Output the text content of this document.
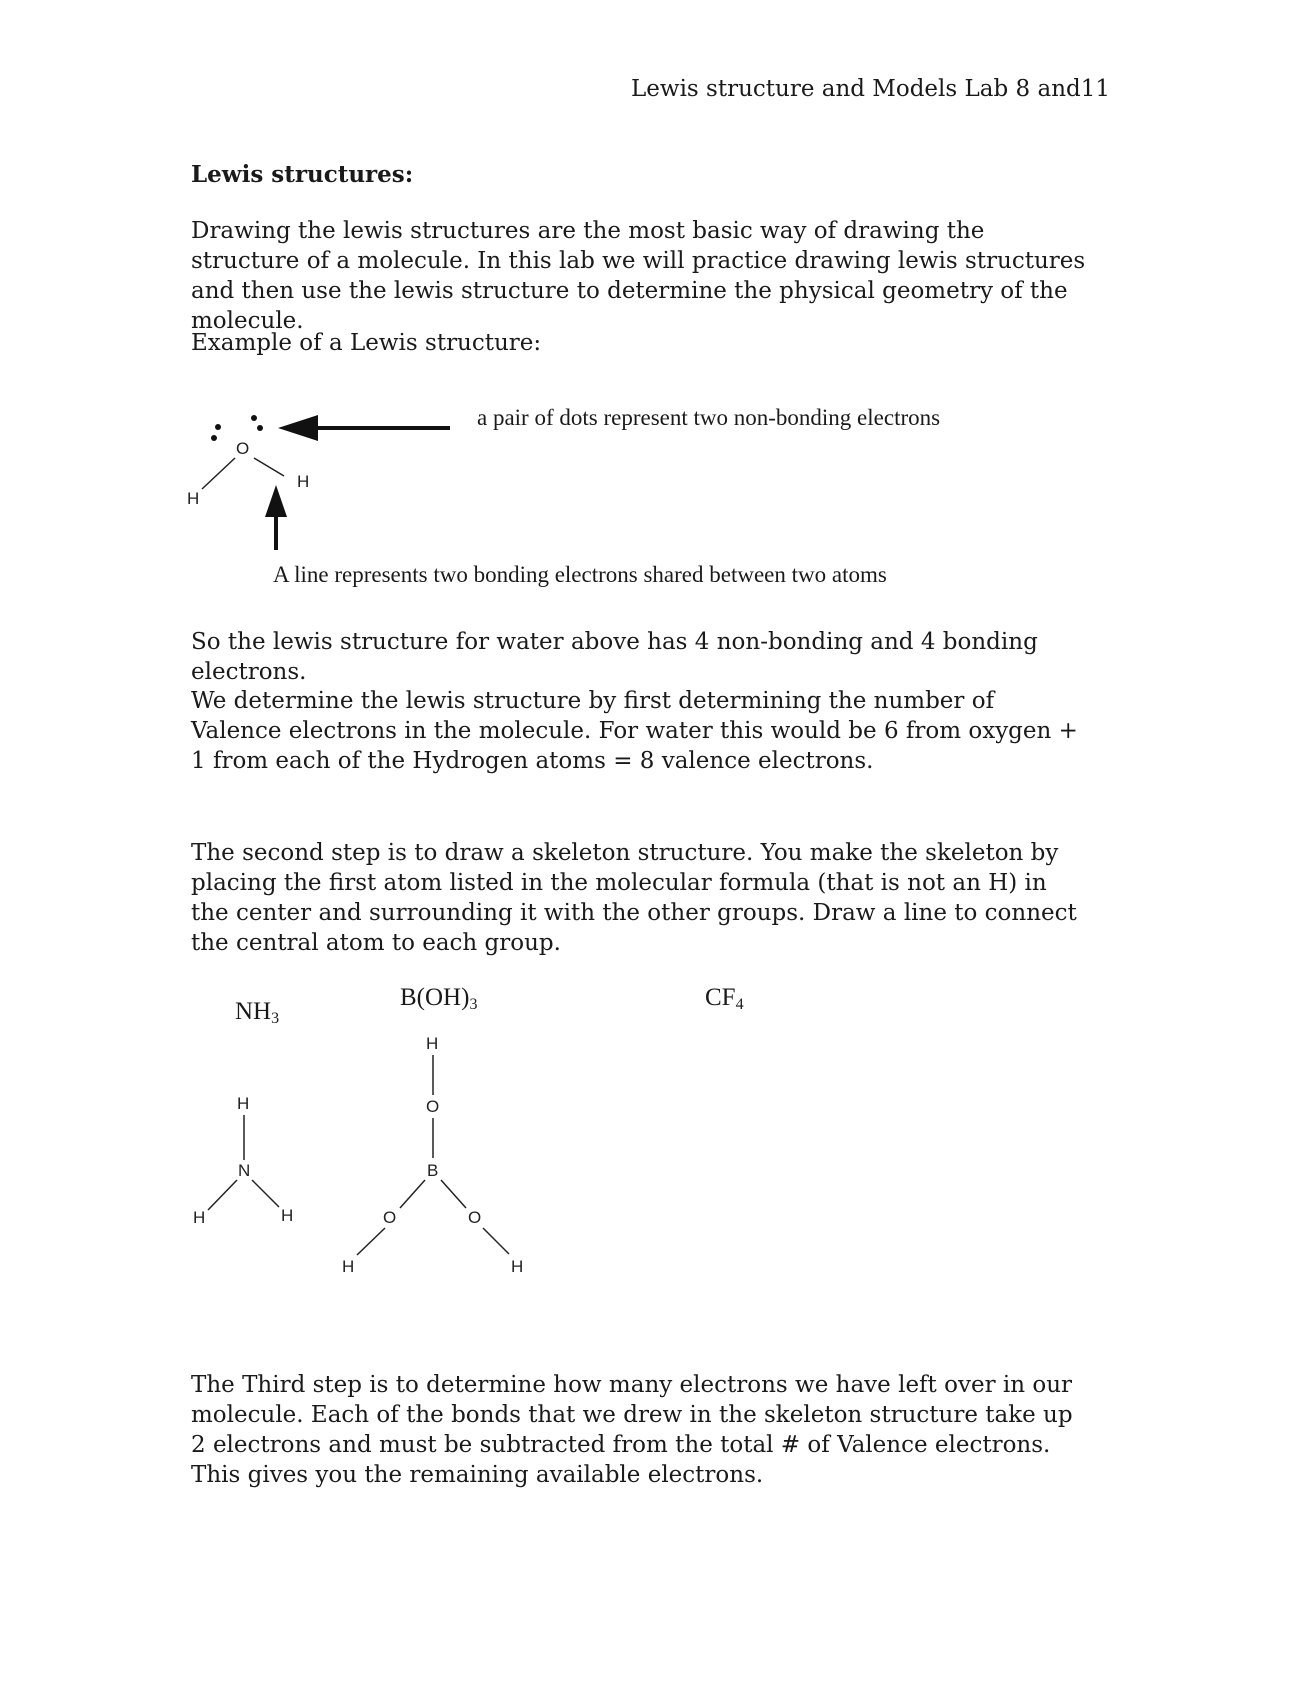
Lewis structure and Models Lab 8 and11
Lewis structures:
Drawing the lewis structures are the most basic way of drawing the structure of a molecule. In this lab we will practice drawing lewis structures and then use the lewis structure to determine the physical geometry of the molecule.
Example of a Lewis structure:
O
H
H
a pair of dots represent two non-bonding electrons
A line represents two bonding electrons shared between two atoms
So the lewis structure for water above has 4 non-bonding and 4 bonding electrons.
We determine the lewis structure by first determining the number of Valence electrons in the molecule. For water this would be 6 from oxygen + 1 from each of the Hydrogen atoms = 8 valence electrons.
The second step is to draw a skeleton structure. You make the skeleton by placing the first atom listed in the molecular formula (that is not an H) in the center and surrounding it with the other groups. Draw a line to connect the central atom to each group.
$NH_3$
$B(OH)_3$	$CF_4$
H
N
H	H
H
O
B
O	O
H	H
The Third step is to determine how many electrons we have left over in our molecule. Each of the bonds that we drew in the skeleton structure take up 2 electrons and must be subtracted from the total # of Valence electrons. This gives you the remaining available electrons.
